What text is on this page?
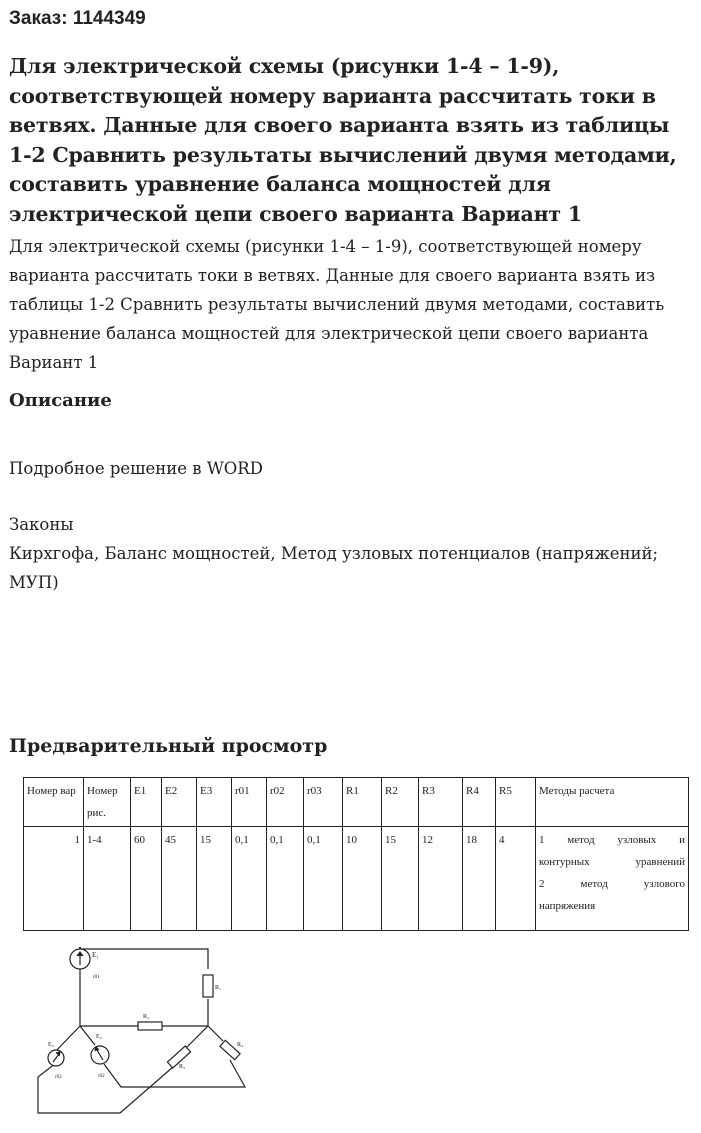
Заказ: 1144349
Для электрической схемы (рисунки 1-4 – 1-9), соответствующей номеру варианта рассчитать токи в ветвях. Данные для своего варианта взять из таблицы 1-2 Сравнить результаты вычислений двумя методами, составить уравнение баланса мощностей для электрической цепи своего варианта Вариант 1
Для электрической схемы (рисунки 1-4 – 1-9), соответствующей номеру варианта рассчитать токи в ветвях. Данные для своего варианта взять из таблицы 1-2 Сравнить результаты вычислений двумя методами, составить уравнение баланса мощностей для электрической цепи своего варианта Вариант 1
Описание
Подробное решение в WORD
Законы
Кирхгофа, Баланс мощностей, Метод узловых потенциалов (напряжений; МУП)
Предварительный просмотр
Номер вар	Номер рис.	E1	E2	E3	r01	r02	r03	R1	R2	R3	R4	R5	Методы расчета
1	1-4	60	45	15	0,1	0,1	0,1	10	15	12	18	4	1 метод узловых и
контурных уравнений
2 метод узлового
напряжения
E₁
r01
R₁
R₂
E₃
r03
E₂
r02
R₃
R₄
